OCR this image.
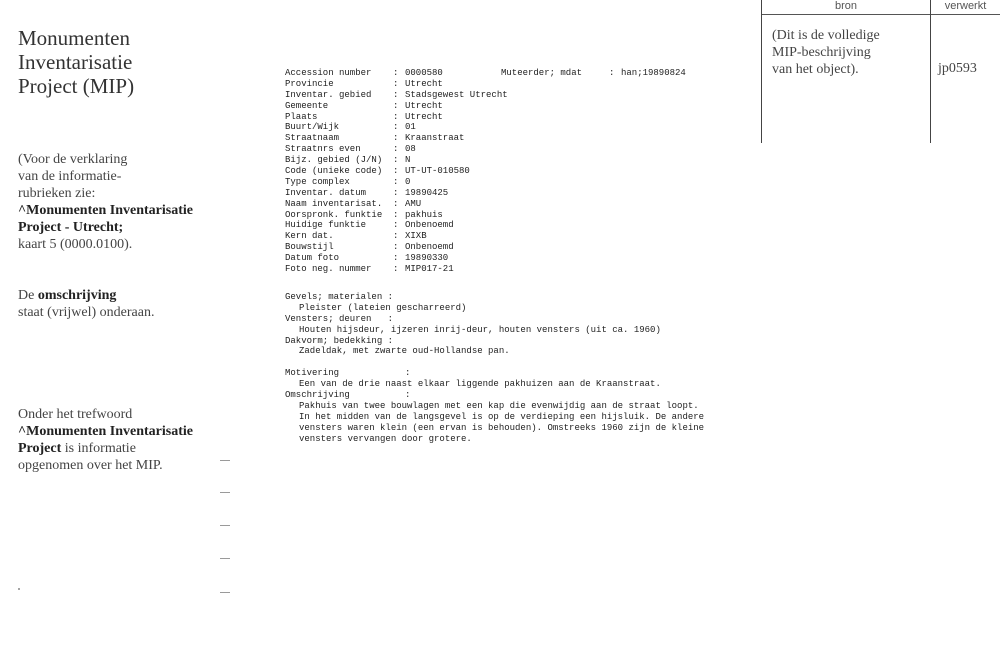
Monumenten
Inventarisatie
Project (MIP)
(Voor de verklaring
van de informatie-
rubrieken zie:
^Monumenten Inventarisatie
Project - Utrecht;
kaart 5 (0000.0100).
De omschrijving
staat (vrijwel) onderaan.
Onder het trefwoord
^Monumenten Inventarisatie
Project is informatie
opgenomen over het MIP.
bron	verwerkt
(Dit is de volledige
MIP-beschrijving
van het object).	jp0593
Muteerder; mdat	: han;19890824
Accession number	: 0000580
Provincie	: Utrecht
Inventar. gebied	: Stadsgewest Utrecht
Gemeente	: Utrecht
Plaats	: Utrecht
Buurt/Wijk	: 01
Straatnaam	: Kraanstraat
Straatnrs even	: 08
Bijz. gebied (J/N)	: N
Code (unieke code)	: UT-UT-010580
Type complex	: 0
Inventar. datum	: 19890425
Naam inventarisat.	: AMU
Oorspronk. funktie	: pakhuis
Huidige funktie	: Onbenoemd
Kern dat.	: XIXB
Bouwstijl	: Onbenoemd
Datum foto	: 19890330
Foto neg. nummer	: MIP017-21
Gevels; materialen :
Pleister (lateien gescharreerd)
Vensters; deuren   :
Houten hijsdeur, ijzeren inrij-deur, houten vensters (uit ca. 1960)
Dakvorm; bedekking :
Zadeldak, met zwarte oud-Hollandse pan.
Motivering	:
Een van de drie naast elkaar liggende pakhuizen aan de Kraanstraat.
Omschrijving	:
Pakhuis van twee bouwlagen met een kap die evenwijdig aan de straat loopt.
In het midden van de langsgevel is op de verdieping een hijsluik. De andere
vensters waren klein (een ervan is behouden). Omstreeks 1960 zijn de kleine
vensters vervangen door grotere.
